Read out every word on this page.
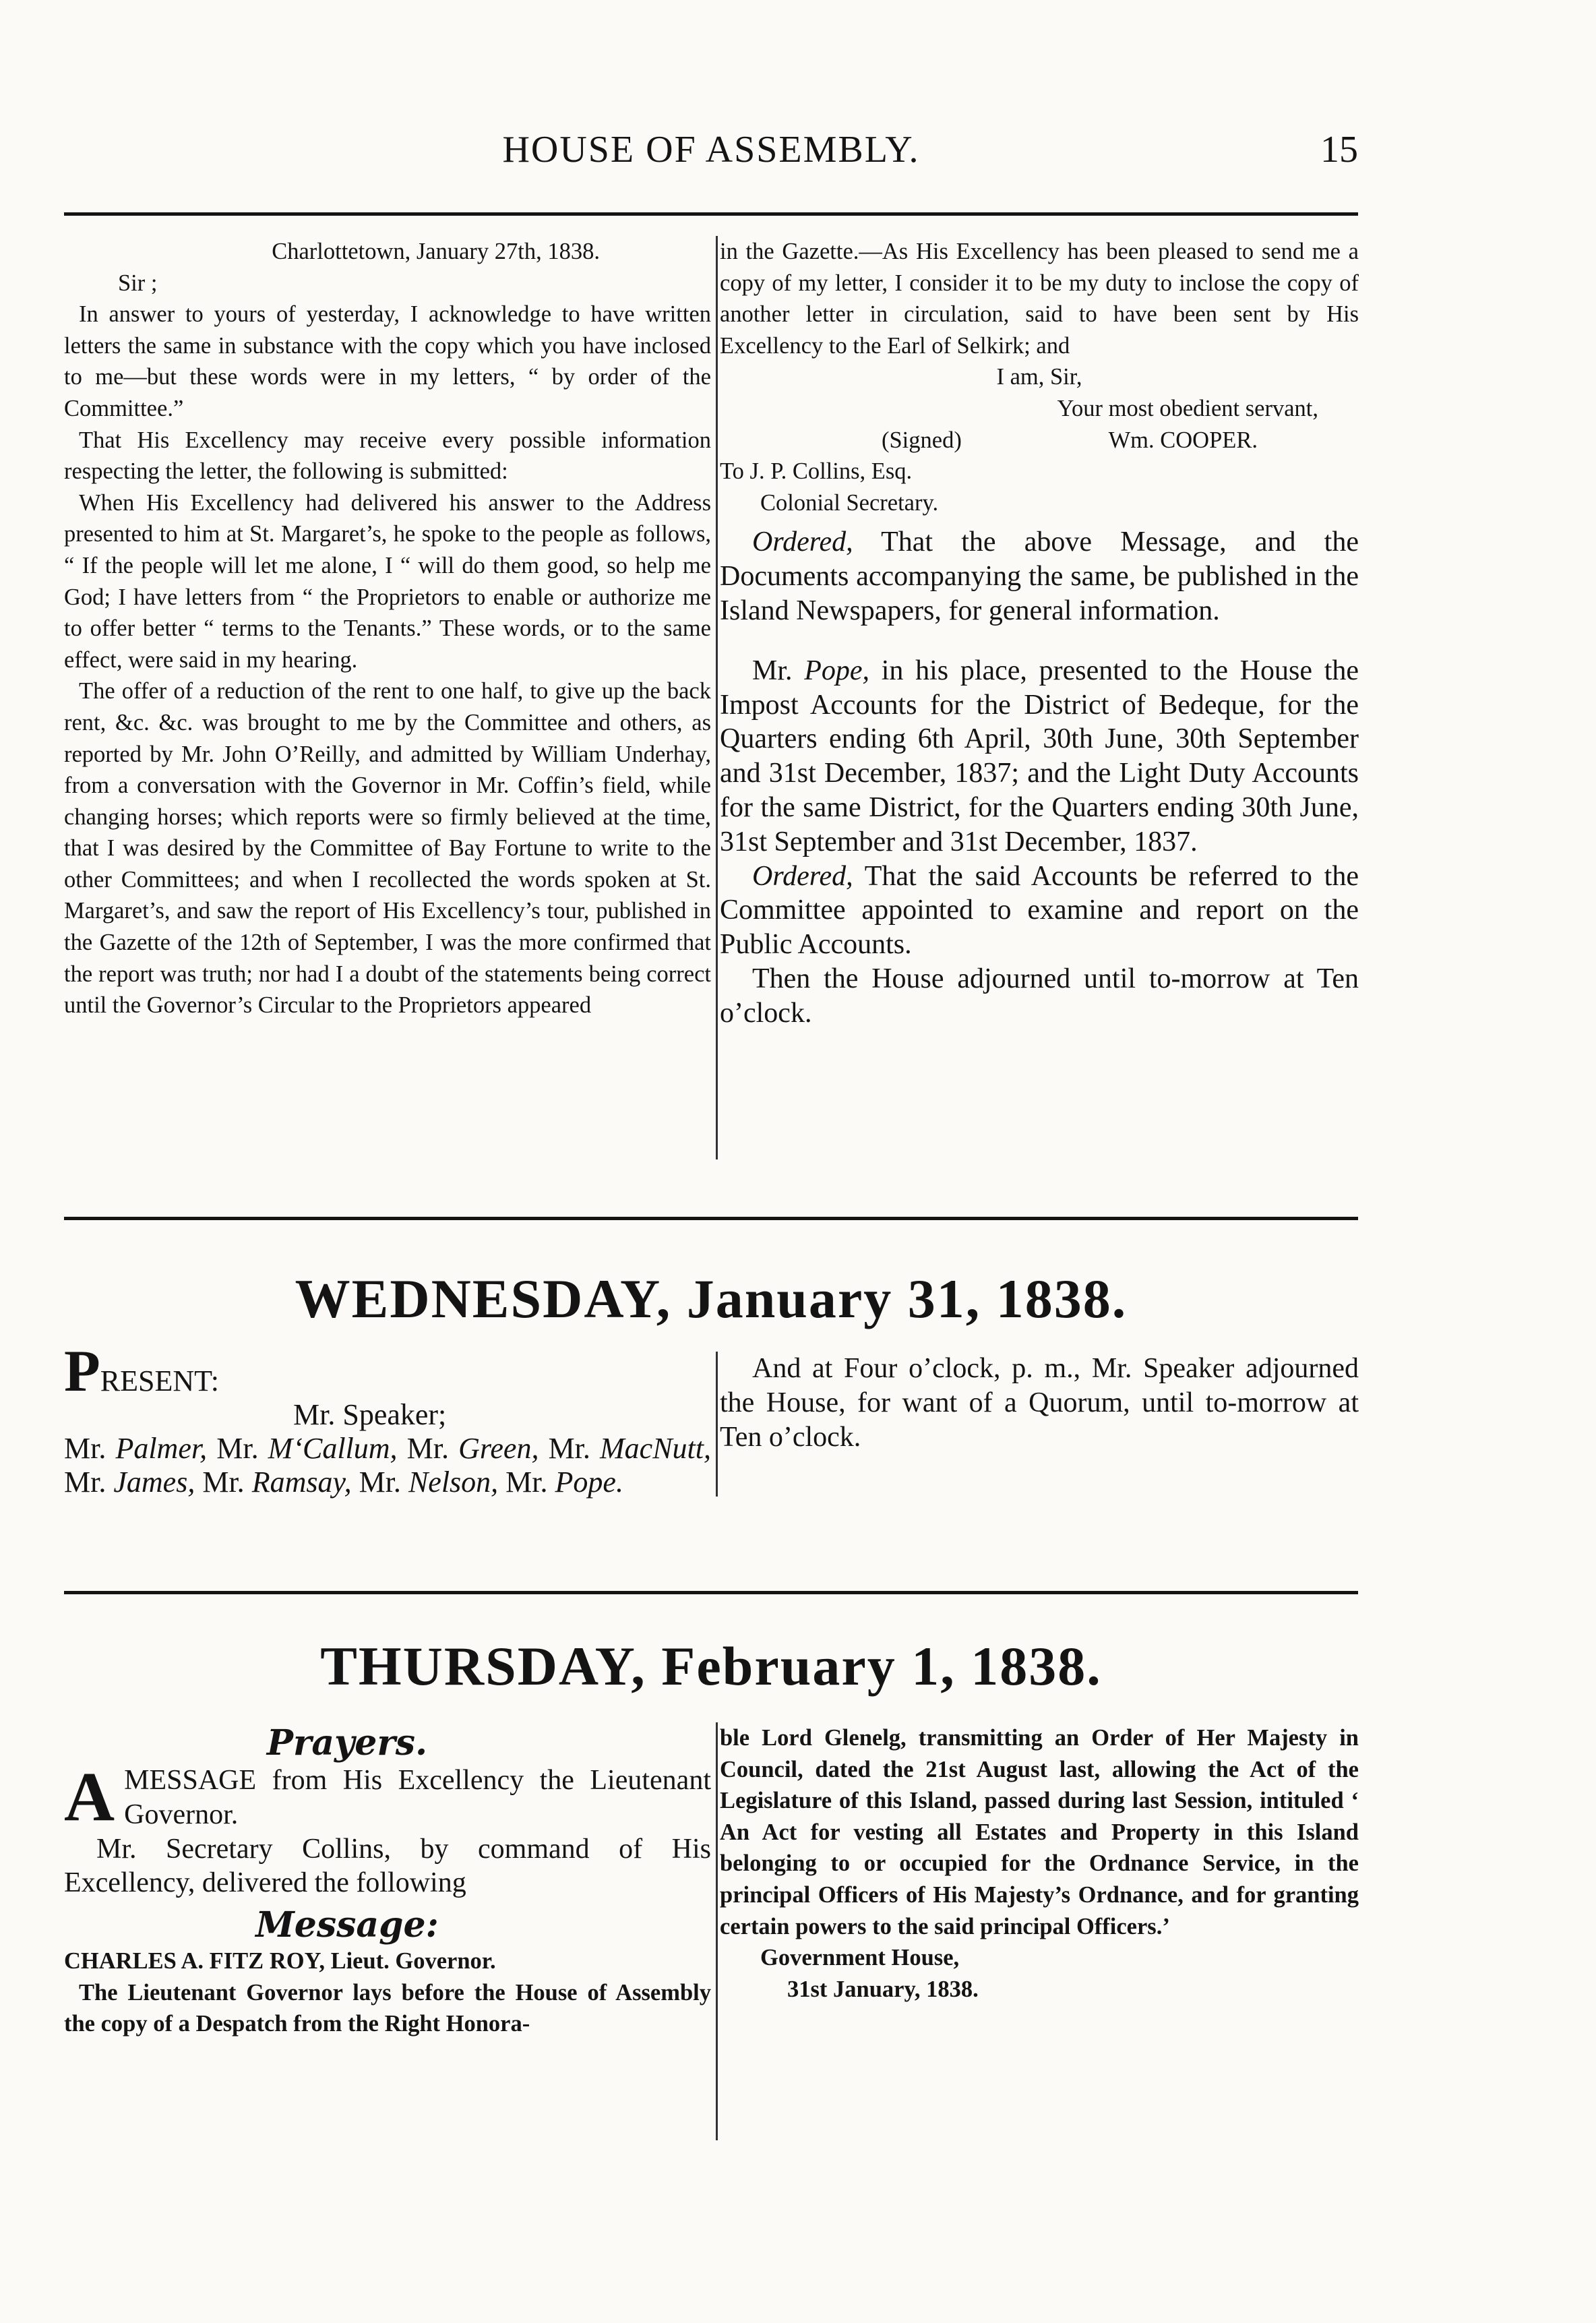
HOUSE OF ASSEMBLY.	15

Charlottetown, January 27th, 1838.

Sir ;

In answer to yours of yesterday, I acknowledge to have written letters the same in substance with the copy which you have inclosed to me—but these words were in my letters, “ by order of the Committee.”

That His Excellency may receive every possible information respecting the letter, the following is submitted:

When His Excellency had delivered his answer to the Address presented to him at St. Margaret’s, he spoke to the people as follows, “ If the people will let me alone, I “ will do them good, so help me God; I have letters from “ the Proprietors to enable or authorize me to offer better “ terms to the Tenants.” These words, or to the same effect, were said in my hearing.

The offer of a reduction of the rent to one half, to give up the back rent, &c. &c. was brought to me by the Committee and others, as reported by Mr. John O’Reilly, and admitted by William Underhay, from a conversation with the Governor in Mr. Coffin’s field, while changing horses; which reports were so firmly believed at the time, that I was desired by the Committee of Bay Fortune to write to the other Committees; and when I recollected the words spoken at St. Margaret’s, and saw the report of His Excellency’s tour, published in the Gazette of the 12th of September, I was the more confirmed that the report was truth; nor had I a doubt of the statements being correct until the Governor’s Circular to the Proprietors appeared

in the Gazette.—As His Excellency has been pleased to send me a copy of my letter, I consider it to be my duty to inclose the copy of another letter in circulation, said to have been sent by His Excellency to the Earl of Selkirk; and

I am, Sir,

Your most obedient servant,

(Signed)	Wm. COOPER.

To J. P. Collins, Esq.

Colonial Secretary.

Ordered, That the above Message, and the Documents accompanying the same, be published in the Island Newspapers, for general information.

Mr. Pope, in his place, presented to the House the Impost Accounts for the District of Bedeque, for the Quarters ending 6th April, 30th June, 30th September and 31st December, 1837; and the Light Duty Accounts for the same District, for the Quarters ending 30th June, 31st September and 31st December, 1837.

Ordered, That the said Accounts be referred to the Committee appointed to examine and report on the Public Accounts.

Then the House adjourned until to-morrow at Ten o’clock.

WEDNESDAY, January 31, 1838.
PRESENT:
Mr. Speaker;
Mr. Palmer, Mr. M‘Callum, Mr. Green, Mr. MacNutt, Mr. James, Mr. Ramsay, Mr. Nelson, Mr. Pope.

And at Four o’clock, p. m., Mr. Speaker adjourned the House, for want of a Quorum, until to-morrow at Ten o’clock.

THURSDAY, February 1, 1838.
Prayers.

AMESSAGE from His Excellency the Lieutenant Governor.

Mr. Secretary Collins, by command of His Excellency, delivered the following

Message:

CHARLES A. FITZ ROY, Lieut. Governor.

The Lieutenant Governor lays before the House of Assembly the copy of a Despatch from the Right Honora-

ble Lord Glenelg, transmitting an Order of Her Majesty in Council, dated the 21st August last, allowing the Act of the Legislature of this Island, passed during last Session, intituled ‘ An Act for vesting all Estates and Property in this Island belonging to or occupied for the Ordnance Service, in the principal Officers of His Majesty’s Ordnance, and for granting certain powers to the said principal Officers.’

Government House,

31st January, 1838.
